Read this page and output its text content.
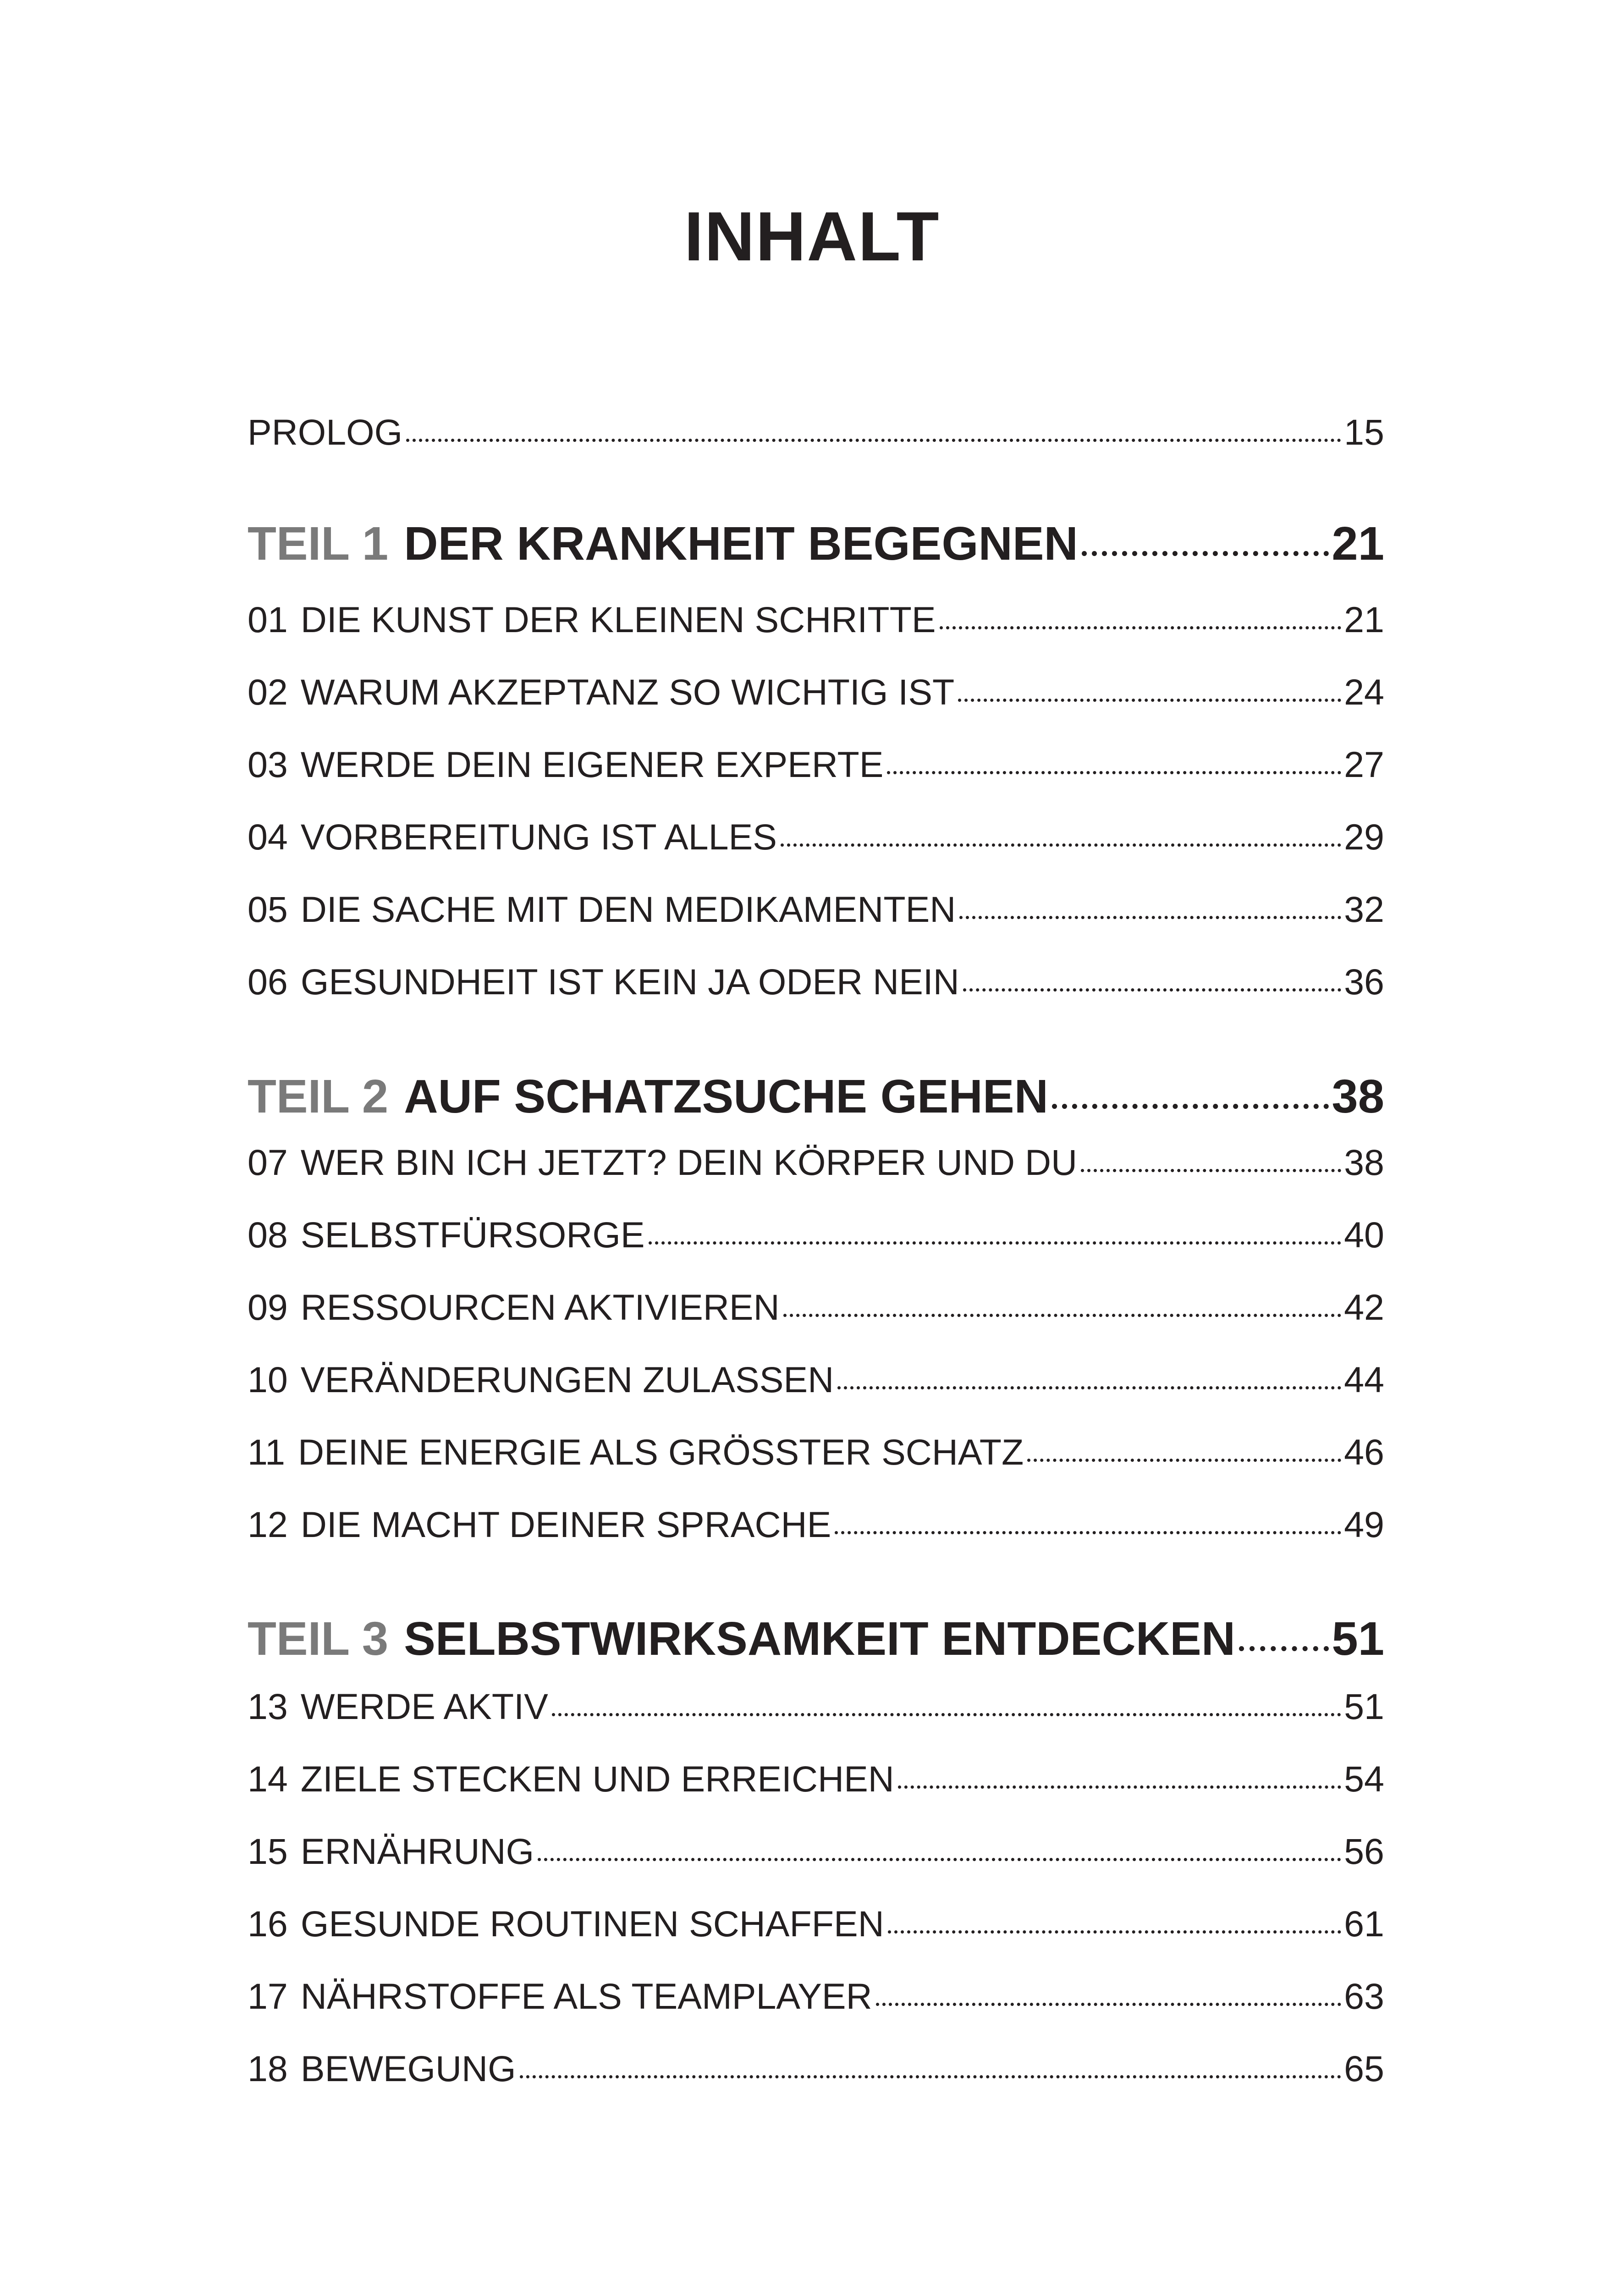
INHALT
PROLOG	15
TEIL 1 DER KRANKHEIT BEGEGNEN	21
01 DIE KUNST DER KLEINEN SCHRITTE	21
02 WARUM AKZEPTANZ SO WICHTIG IST	24
03 WERDE DEIN EIGENER EXPERTE	27
04 VORBEREITUNG IST ALLES	29
05 DIE SACHE MIT DEN MEDIKAMENTEN	32
06 GESUNDHEIT IST KEIN JA ODER NEIN	36
TEIL 2 AUF SCHATZSUCHE GEHEN	38
07 WER BIN ICH JETZT? DEIN KÖRPER UND DU	38
08 SELBSTFÜRSORGE	40
09 RESSOURCEN AKTIVIEREN	42
10 VERÄNDERUNGEN ZULASSEN	44
11 DEINE ENERGIE ALS GRÖSSTER SCHATZ	46
12 DIE MACHT DEINER SPRACHE	49
TEIL 3 SELBSTWIRKSAMKEIT ENTDECKEN 51
13 WERDE AKTIV	51
14 ZIELE STECKEN UND ERREICHEN	54
15 ERNÄHRUNG	56
16 GESUNDE ROUTINEN SCHAFFEN	61
17 NÄHRSTOFFE ALS TEAMPLAYER	63
18 BEWEGUNG	65
